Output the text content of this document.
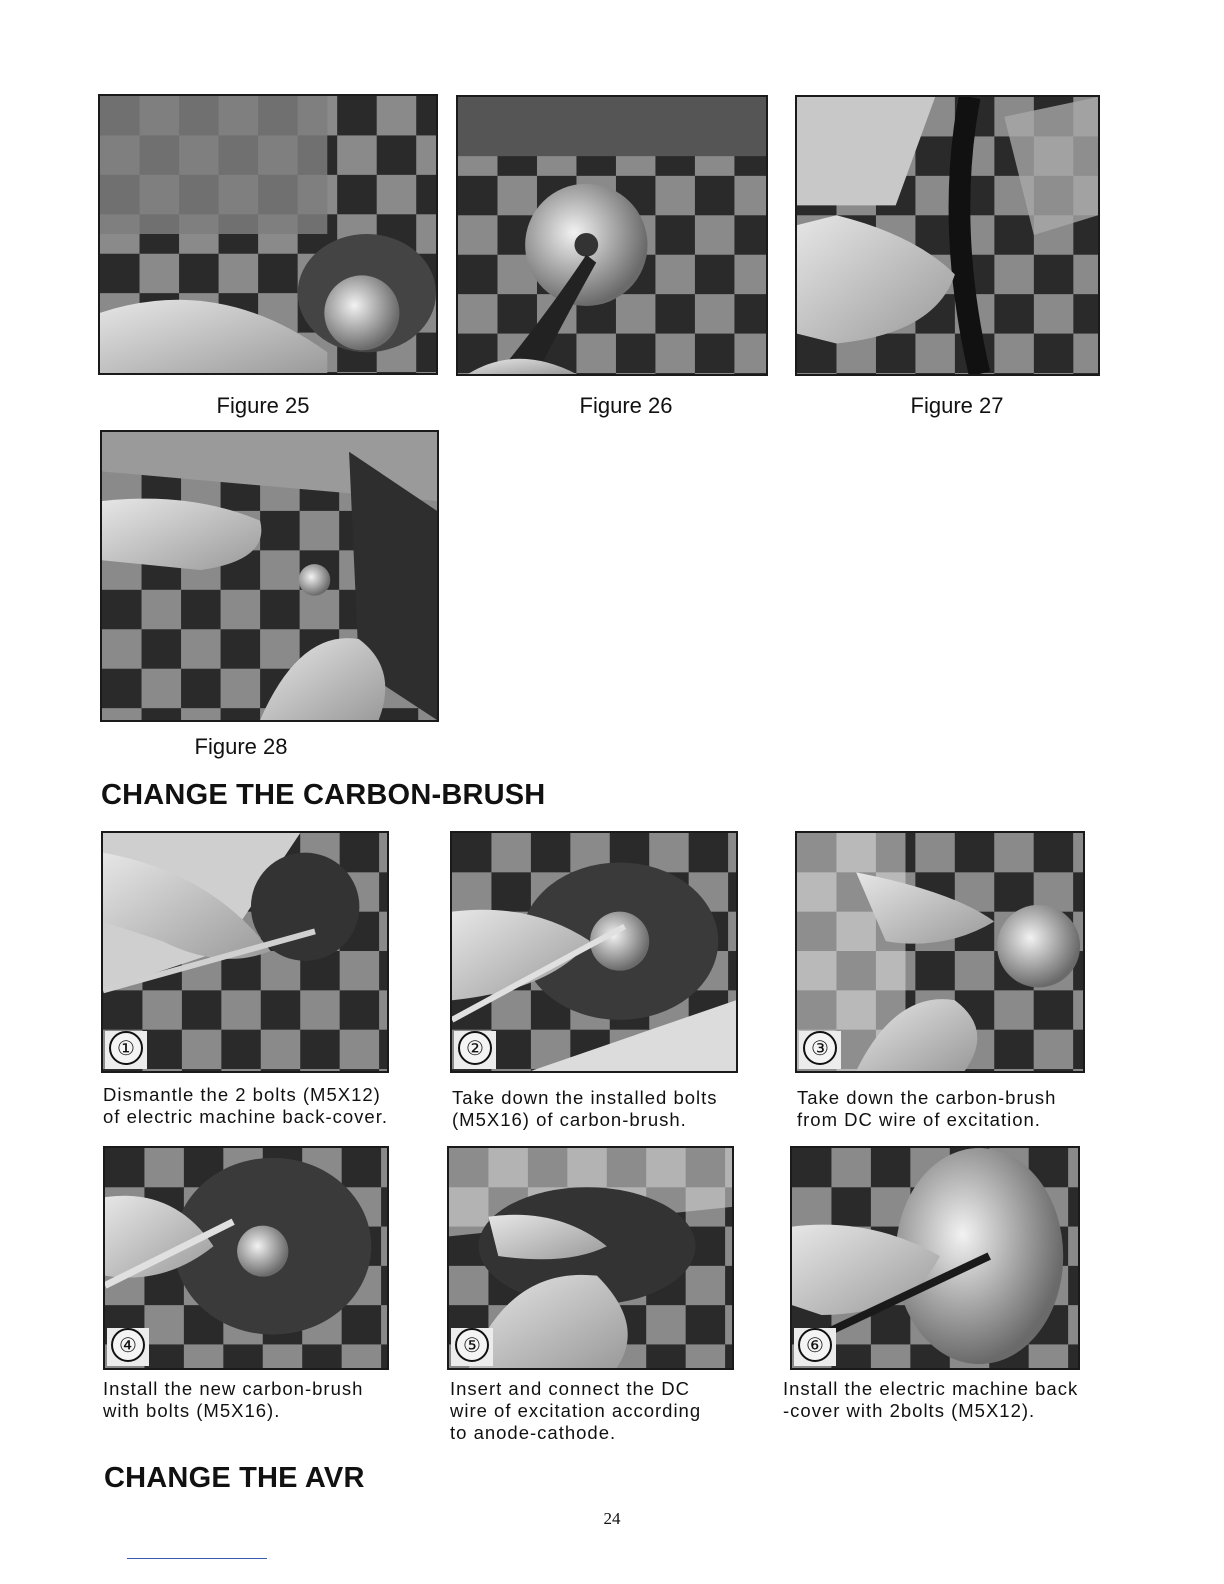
Figure 25	Figure 26	Figure 27
Figure 28
CHANGE THE CARBON-BRUSH
①	②	③
Dismantle the 2 bolts (M5X12)
of electric machine back-cover.
Take down the installed bolts
(M5X16) of carbon-brush.
Take down the carbon-brush
from DC wire of excitation.
④	⑤	⑥
Install the new carbon-brush
with bolts (M5X16).
Insert and connect the DC
wire of excitation according
to anode-cathode.
Install the electric machine back
-cover with 2bolts (M5X12).
CHANGE THE AVR
24
